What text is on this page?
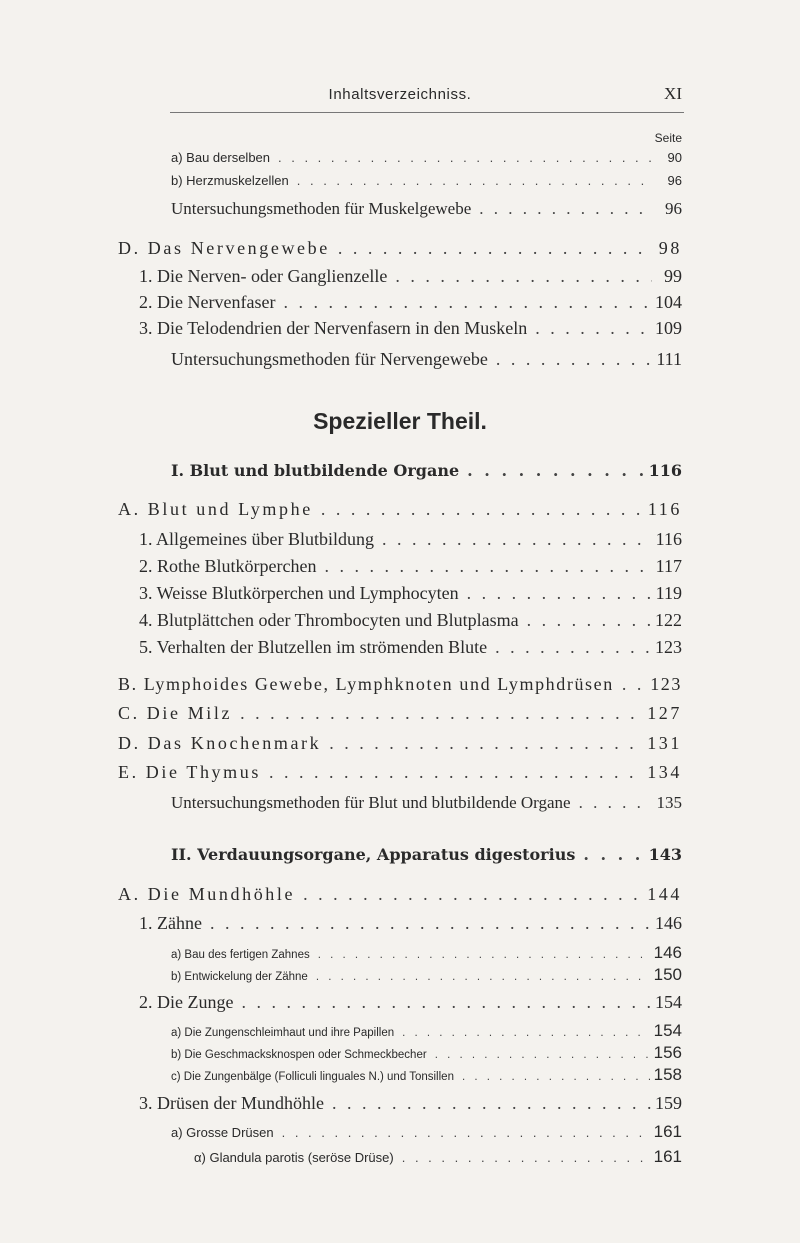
Inhaltsverzeichniss.	XI
Seite
a) Bau derselben . . .	90
b) Herzmuskelzellen . . .	96
Untersuchungsmethoden für Muskelgewebe . . .	96
D. Das Nervengewebe . . .	98
1. Die Nerven- oder Ganglienzelle . . .	99
2. Die Nervenfaser . . .	104
3. Die Telodendrien der Nervenfasern in den Muskeln . . .	109
Untersuchungsmethoden für Nervengewebe . . .	111
Spezieller Theil.
I. Blut und blutbildende Organe . . .	116
A. Blut und Lymphe . . .	116
1. Allgemeines über Blutbildung . . .	116
2. Rothe Blutkörperchen . . .	117
3. Weisse Blutkörperchen und Lymphocyten . . .	119
4. Blutplättchen oder Thrombocyten und Blutplasma . . .	122
5. Verhalten der Blutzellen im strömenden Blute . . .	123
B. Lymphoides Gewebe, Lymphknoten und Lymphdrüsen . . . 123
C. Die Milz . . .	127
D. Das Knochenmark . . .	131
E. Die Thymus . . .	134
Untersuchungsmethoden für Blut und blutbildende Organe . . .	135
II. Verdauungsorgane, Apparatus digestorius . . .	143
A. Die Mundhöhle . . .	144
1. Zähne . . .	146
a) Bau des fertigen Zahnes . . .	146
b) Entwickelung der Zähne . . .	150
2. Die Zunge . . .	154
a) Die Zungenschleimhaut und ihre Papillen . . .	154
b) Die Geschmacksknospen oder Schmeckbecher . . .	156
c) Die Zungenbälge (Folliculi linguales N.) und Tonsillen . . .	158
3. Drüsen der Mundhöhle . . .	159
a) Grosse Drüsen . . .	161
α) Glandula parotis (seröse Drüse) . . .	161
